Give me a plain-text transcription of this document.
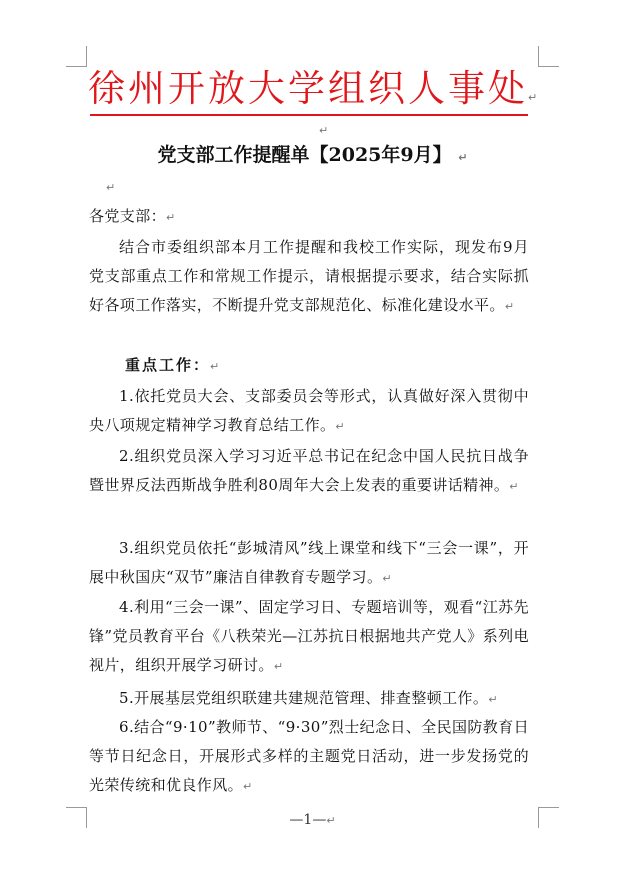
徐州开放大学组织人事处↵
↵
党支部工作提醒单【2025年9月】 ↵
↵
各党支部：↵
结合市委组织部本月工作提醒和我校工作实际，现发布9月党支部重点工作和常规工作提示，请根据提示要求，结合实际抓好各项工作落实，不断提升党支部规范化、标准化建设水平。↵
重点工作：↵
1.依托党员大会、支部委员会等形式，认真做好深入贯彻中央八项规定精神学习教育总结工作。↵
2.组织党员深入学习习近平总书记在纪念中国人民抗日战争暨世界反法西斯战争胜利80周年大会上发表的重要讲话精神。↵
3.组织党员依托“彭城清风”线上课堂和线下“三会一课”，开展中秋国庆“双节”廉洁自律教育专题学习。↵
4.利用“三会一课”、固定学习日、专题培训等，观看“江苏先锋”党员教育平台《八秩荣光—江苏抗日根据地共产党人》系列电视片，组织开展学习研讨。↵
5.开展基层党组织联建共建规范管理、排查整顿工作。↵
6.结合“9·10”教师节、“9·30”烈士纪念日、全民国防教育日等节日纪念日，开展形式多样的主题党日活动，进一步发扬党的光荣传统和优良作风。↵
—1—↵
